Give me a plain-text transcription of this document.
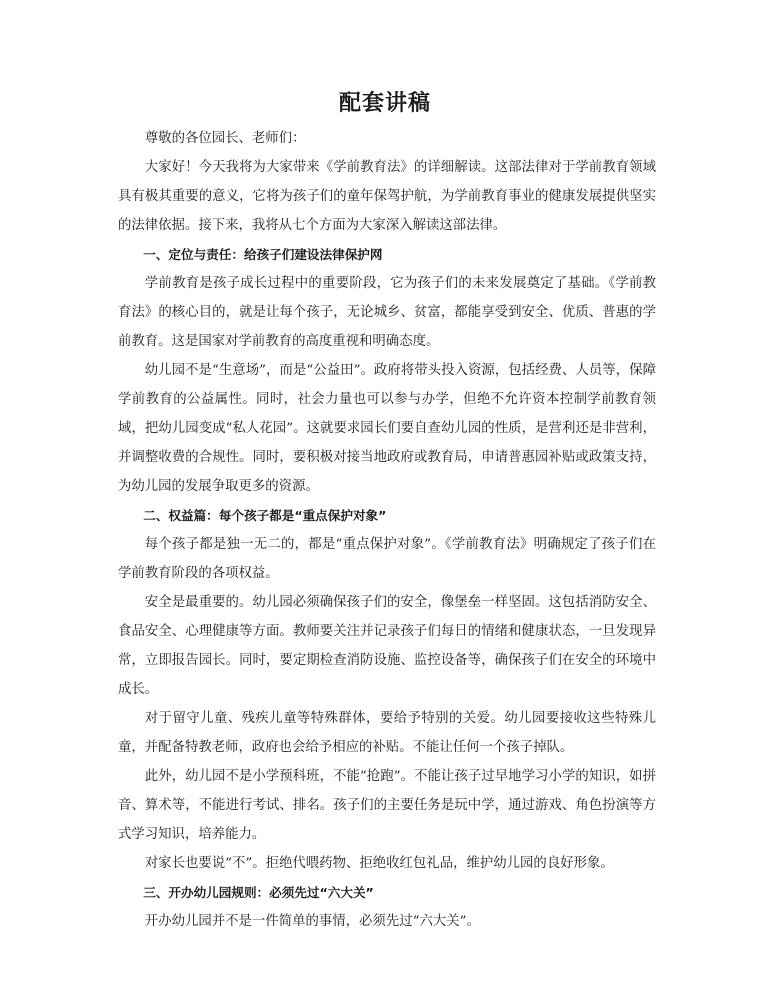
配套讲稿

尊敬的各位园长、老师们：

大家好！今天我将为大家带来《学前教育法》的详细解读。这部法律对于学前教育领域具有极其重要的意义，它将为孩子们的童年保驾护航，为学前教育事业的健康发展提供坚实的法律依据。接下来，我将从七个方面为大家深入解读这部法律。

一、定位与责任：给孩子们建设法律保护网

学前教育是孩子成长过程中的重要阶段，它为孩子们的未来发展奠定了基础。《学前教育法》的核心目的，就是让每个孩子，无论城乡、贫富，都能享受到安全、优质、普惠的学前教育。这是国家对学前教育的高度重视和明确态度。

幼儿园不是“生意场”，而是“公益田”。政府将带头投入资源，包括经费、人员等，保障学前教育的公益属性。同时，社会力量也可以参与办学，但绝不允许资本控制学前教育领域，把幼儿园变成“私人花园”。这就要求园长们要自查幼儿园的性质，是营利还是非营利，并调整收费的合规性。同时，要积极对接当地政府或教育局，申请普惠园补贴或政策支持，为幼儿园的发展争取更多的资源。

二、权益篇：每个孩子都是“重点保护对象”

每个孩子都是独一无二的，都是“重点保护对象”。《学前教育法》明确规定了孩子们在学前教育阶段的各项权益。

安全是最重要的。幼儿园必须确保孩子们的安全，像堡垒一样坚固。这包括消防安全、食品安全、心理健康等方面。教师要关注并记录孩子们每日的情绪和健康状态，一旦发现异常，立即报告园长。同时，要定期检查消防设施、监控设备等，确保孩子们在安全的环境中成长。

对于留守儿童、残疾儿童等特殊群体，要给予特别的关爱。幼儿园要接收这些特殊儿童，并配备特教老师，政府也会给予相应的补贴。不能让任何一个孩子掉队。

此外，幼儿园不是小学预科班，不能“抢跑”。不能让孩子过早地学习小学的知识，如拼音、算术等，不能进行考试、排名。孩子们的主要任务是玩中学，通过游戏、角色扮演等方式学习知识，培养能力。

对家长也要说“不”。拒绝代喂药物、拒绝收红包礼品，维护幼儿园的良好形象。

三、开办幼儿园规则：必须先过“六大关”

开办幼儿园并不是一件简单的事情，必须先过“六大关”。
